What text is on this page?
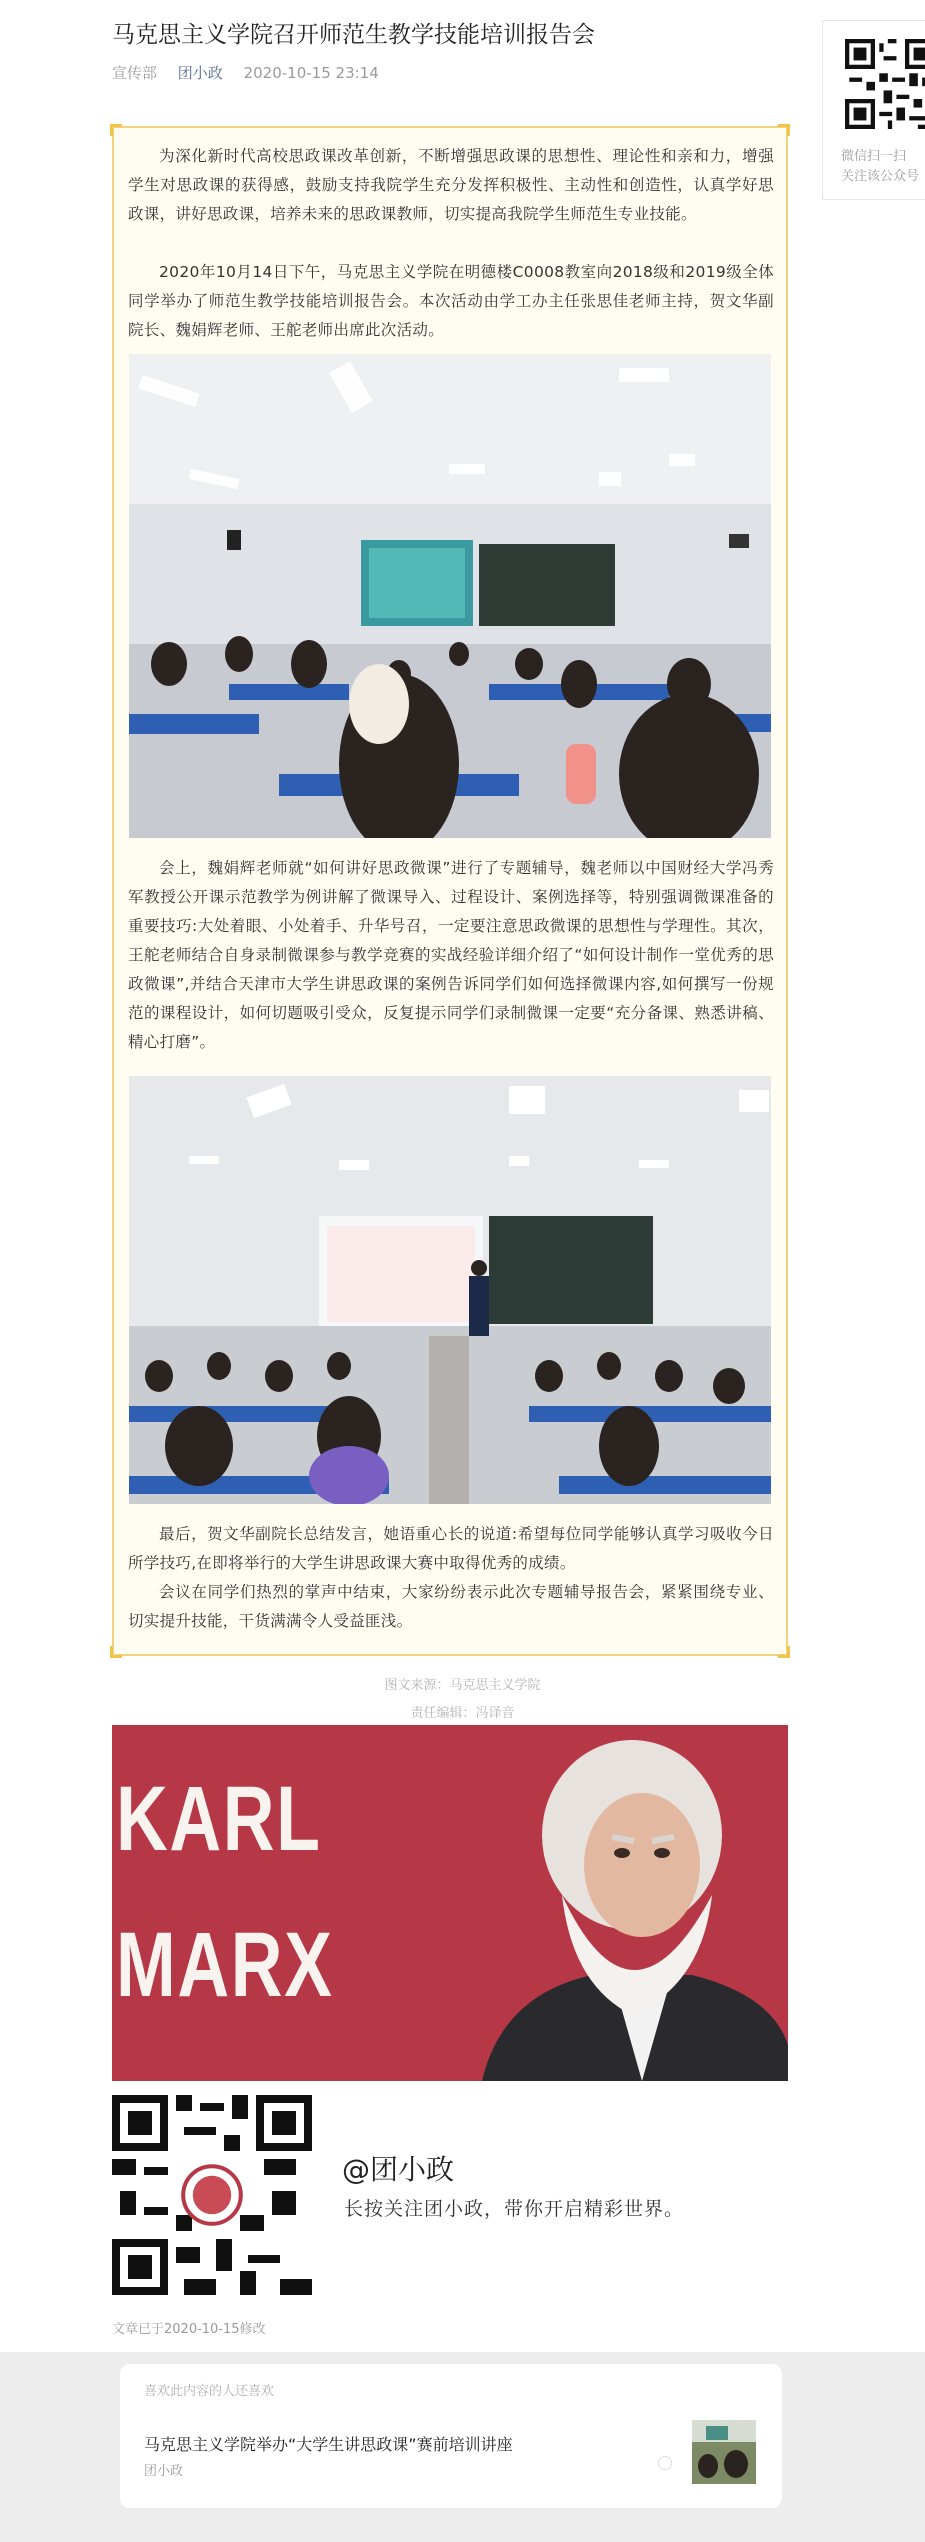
马克思主义学院召开师范生教学技能培训报告会
宣传部 团小政 2020-10-15 23:14
微信扫一扫
关注该公众号

为深化新时代高校思政课改革创新，不断增强思政课的思想性、理论性和亲和力，增强学生对思政课的获得感，鼓励支持我院学生充分发挥积极性、主动性和创造性，认真学好思政课，讲好思政课，培养未来的思政课教师，切实提高我院学生师范生专业技能。

2020年10月14日下午，马克思主义学院在明德楼C0008教室向2018级和2019级全体同学举办了师范生教学技能培训报告会。本次活动由学工办主任张思佳老师主持，贺文华副院长、魏娟辉老师、王舵老师出席此次活动。

会上，魏娟辉老师就“如何讲好思政微课”进行了专题辅导，魏老师以中国财经大学冯秀军教授公开课示范教学为例讲解了微课导入、过程设计、案例选择等，特别强调微课准备的重要技巧:大处着眼、小处着手、升华号召，一定要注意思政微课的思想性与学理性。其次，王舵老师结合自身录制微课参与教学竞赛的实战经验详细介绍了“如何设计制作一堂优秀的思政微课”,并结合天津市大学生讲思政课的案例告诉同学们如何选择微课内容,如何撰写一份规范的课程设计，如何切题吸引受众，反复提示同学们录制微课一定要“充分备课、熟悉讲稿、精心打磨”。

最后，贺文华副院长总结发言，她语重心长的说道:希望每位同学能够认真学习吸收今日所学技巧,在即将举行的大学生讲思政课大赛中取得优秀的成绩。

会议在同学们热烈的掌声中结束，大家纷纷表示此次专题辅导报告会，紧紧围绕专业、切实提升技能，干货满满令人受益匪浅。

图文来源：马克思主义学院
责任编辑：冯译音
KARL
MARX
@团小政
长按关注团小政，带你开启精彩世界。
文章已于2020-10-15修改
喜欢此内容的人还喜欢
马克思主义学院举办“大学生讲思政课”赛前培训讲座
团小政
